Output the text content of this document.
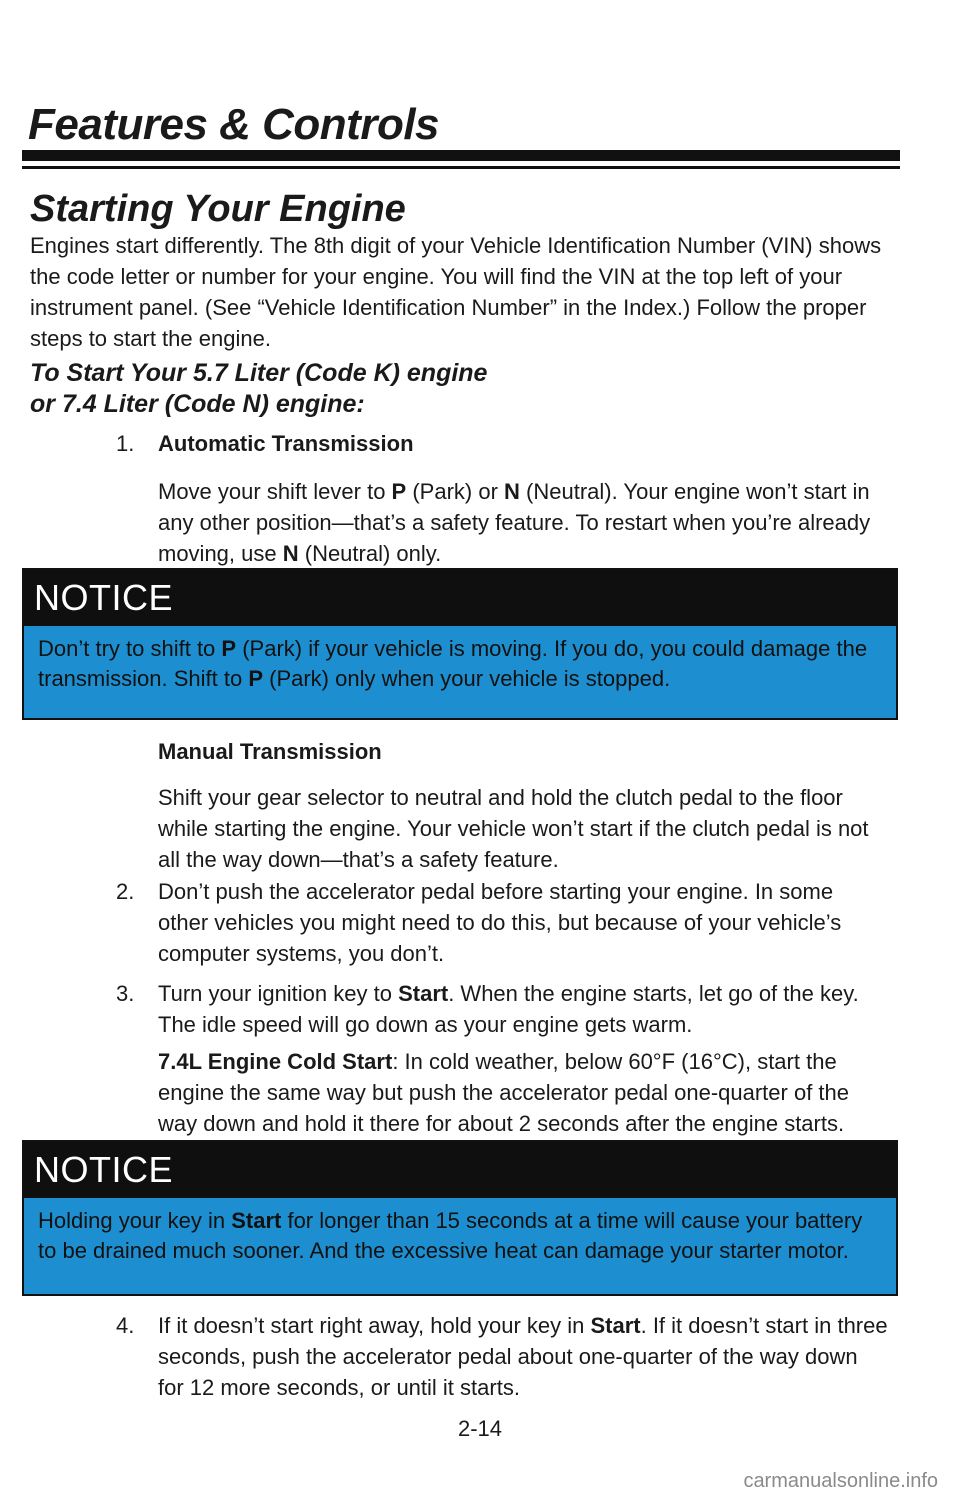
Features & Controls
Starting Your Engine

Engines start differently. The 8th digit of your Vehicle Identification Number (VIN) shows the code letter or number for your engine. You will find the VIN at the top left of your instrument panel. (See “Vehicle Identification Number” in the Index.) Follow the proper steps to start the engine.

To Start Your 5.7 Liter (Code K) engine
or 7.4 Liter (Code N) engine:
1. Automatic Transmission

Move your shift lever to P (Park) or N (Neutral). Your engine won’t start in any other position—that’s a safety feature. To restart when you’re already moving, use N (Neutral) only.

NOTICE
Don’t try to shift to P (Park) if your vehicle is moving. If you do, you could damage the transmission. Shift to P (Park) only when your vehicle is stopped.
Manual Transmission

Shift your gear selector to neutral and hold the clutch pedal to the floor while starting the engine. Your vehicle won’t start if the clutch pedal is not all the way down—that’s a safety feature.

2. Don’t push the accelerator pedal before starting your engine. In some other vehicles you might need to do this, but because of your vehicle’s computer systems, you don’t.

3. Turn your ignition key to Start. When the engine starts, let go of the key. The idle speed will go down as your engine gets warm.

7.4L Engine Cold Start: In cold weather, below 60°F (16°C), start the engine the same way but push the accelerator pedal one-quarter of the way down and hold it there for about 2 seconds after the engine starts.

NOTICE
Holding your key in Start for longer than 15 seconds at a time will cause your battery to be drained much sooner. And the excessive heat can damage your starter motor.
4. If it doesn’t start right away, hold your key in Start. If it doesn’t start in three seconds, push the accelerator pedal about one-quarter of the way down for 12 more seconds, or until it starts.

2-14
carmanualsonline.info
